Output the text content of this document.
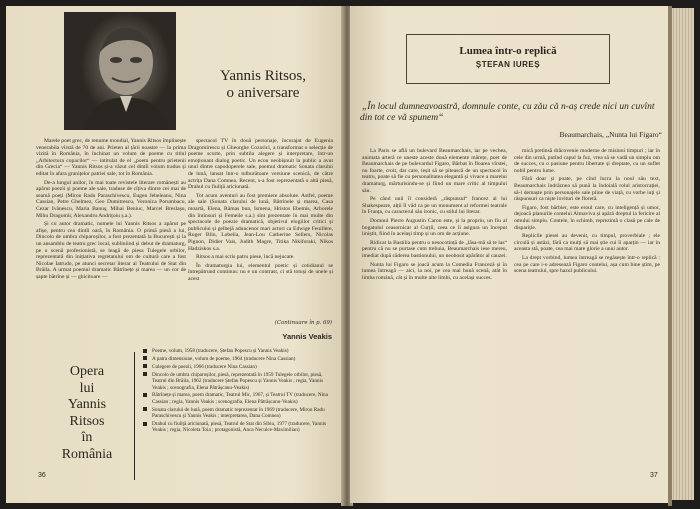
Yannis Ritsos,
o aniversare

Marele poet grec, de renume mondial, Yannis Ritsos împlinește venerabila vîrstă de 70 de ani. Prieten al țării noastre — la prima vizită în România, în închinat un volum de poeme cu titlul „Arhitectura copacilor“ — intitulat de el „poem pentru prietenii din Grecia“ — Yannis Ritsos și-a văzut cel dintîi volum tradus și editat în afara granițelor patriei sale, tot în România.

De-a lungul anilor, în mai toate revistele literare românești au apărut poezii și poeme ale sale, traduse de cîțiva dintre cei mai de seamă poeți (Miron Radu Paraschivescu, Eugen Jebeleanu, Nina Cassian, Petre Ghelmez, Geo Dumitrescu, Veronica Porumbacu, Cezar Ivănescu, Maria Banuș, Mihai Beniuc, Marcel Breslașu, Mihu Dragomir, Alexandru Andrițoiu ș.a.).

Și cu autor dramatic, numele lui Yannis Ritsos a apărut pe afișe, pentru cea dintîi oară, în România. O primă piesă a lui, Dincolo de umbra chiparoșilor, a fost prezentată la București și la un ansamblu de teatru grec local, subliniind și debut de dramaturg, pe o scenă profesionistă, se leagă de piesa Tulegele orbilor, reprezentată din inițiativa regretatului om de cultură care a fost Nicolae Iatrudo, pe atunci secretar literar al Teatrului de Stat din Brăila. A urmat poemul dramatic Bătrînețe și marea — un cor de șapte bătrîne și — ghicitoare —

spectacol TV în două personaje, încurajat de Eugenia Dragomirescu și Gheorghe Cozorici, a transformat o selecție de poeme scurte, prin subtila alegere și interpretare, într-un emoționant dialog poetic. Un ecou neobișnuit la public a avut unul dintre capodoperele sale, poemul dramatic Sonata clarului de lună, lansat într-o tulburătoare versiune scenică, de către actrița Dana Comnea. Recent, s-a fost reprezentată o altă piesă, Drahul cu fiuliță ariciunată.

Tot acum aventuri au fost premiere absolute. Astfel, poeme ale sale (Sonata clarului de lună, Bătrînele și marea, Casa moartă, Elena, Rămas bun, Ismena, Hristos Ebemis, Arborele din întinsuri și Femeile s.a.) sînt prezentate în mai multe din spectacole de poezie dramatică, objetivul elogiilor critici și publicului și gelbejă aduncenor mari actori ca Edwige Feuillère, Roger Blin, Lobelia, Jean-Lou Catherine Sellers, Nicolas Pignon, Didier Vais, Judith Magre, Titika Nikiforaki, Nikos Hadziskos s.a.

Ritsos a mai scris patru piese, încă nejucate.

În dramaturgia lui, elementul poetic și cotidianul se întrepătrund continuu: nu e un contrast, ci stă totuși de unele și acest

(Continuare în p. 69)
Yannis Veakis
Opera
lui
Yannis
Ritsos
în
România
Poeme, volum, 1958 (traducere, Ștefan Popescu și Yannis Veakis)
A patra dimensiune, volum de poeme, 1964 (traducere Nina Cassian)
Culegere de poezii, 1966 (traducere Nina Cassian)
Dincolo de umbra chiparoșilor, piesă, reprezentată în 1959 Tulegele orbilor, piesă, Teatrul din Brăila, 1962 (traducere Ștefan Popescu și Yannis Veakis ; regia, Yannis Veakis ; scenografia, Elena Pătrășcanu-Veakis)
Bătrînețe și marea, poem dramatic, Teatrul Mic, 1967, și Teatrul TV (traducere, Nina Cassian ; regia, Yannis Veakis ; scenografia, Elena Pătrășcanu-Veakis)
Sonata clarului de lună, poem dramatic reprezentat în 1969 (traducere, Miron Radu Paraschivescu și Yannis Veakis ; interpretarea, Dana Comnea)
Drahul cu fiuliță ariciunată, piesă, Teatrul de Stat din Sibiu, 1977 (traducere, Yannis Veakis ; regia, Nicoleta Toia ; protagonistă, Anca Neculce-Maximilian)
36
Lumea într-o replică
ȘTEFAN IUREȘ
„În locul dumneavoastră, domnule conte, cu zău că n-aș crede nici un cuvînt din tot ce vă spunem“
Beaumarchais, „Nunta lui Figaro“

La Paris se află un bulevard Beaumarchais, iar pe vechea, animata arteră ce uneste aceste două elemente mărețe, poet de Beaumarchais de pe bulevardul Figaro, Bărbat în floarea vîrstei, nu foarte, croit, dar care, ieșit să se pitească de un spectacol în teatru, poate să fie cu personalitatea elegantă și vivace a marelui dramaturg, mărturisindu-se și fiind un mare critic al timpului său.

Pe când unii îl consideră „răspunsul“ francez al lui Shakespeare, alții îl văd ca pe un monument al reformei teatrale în Franța, cu caracterul său ironic, cu stilul lui literar.

Domnul Pierre Augustin Caron este, și la propriu, un fiu al bogatului ceasornicar al Curții, ceea ce îi asigura un început liniștit, fiind în același timp și un om de acțiune.

Ridicat la Bastilia pentru o nesocotință de „lăsa-mă să te las“ pentru că nu se purtase cum trebuia, Beaumarchais iese mereu, imediat după căderea bastionului, un neobosit apărător al cauzei.

Nunta lui Figaro se joacă acum la Comedia Franceză și în lumea întreagă — aici, la noi, pe cea mai bună scenă, atât în limba română, cât și în multe alte limbi, cu același succes.

mică pretinsă drăcovenie moderne de misiuni timpuri ; iar în cele din urmă, putînd capul la fuz, vrea să se vadă un simplu om de succes, cu o pasiune pentru libertate și dreptate, cu un suflet nobil pentru lume.

Fără doar și poate, pe cînd lucra la noul său text, Beaumarchais îndrăznea să pună la îndoială rolul aristocrației, să-l demaște prin personajele sale pline de viață, cu vorbe iuți și răspunsuri ca niște lovituri de floretă.

Figaro, fost bărbier, este eroul care, cu inteligență și umor, dejoacă planurile contelui Almaviva și apără dreptul la fericire al omului simplu. Contele, în schimb, reprezintă o clasă pe cale de dispariție.

Replicile piesei au devenit, cu timpul, proverbiale ; ele circulă și astăzi, fără ca mulți să mai știe cui îi aparțin — iar în aceasta stă, poate, cea mai mare glorie a unui autor.

La drept vorbind, lumea întreagă se regăsește într-o replică : cea pe care i-o adresează Figaro contelui, așa cum bine știm, pe scena teatrului, spre hazul publicului.

37
